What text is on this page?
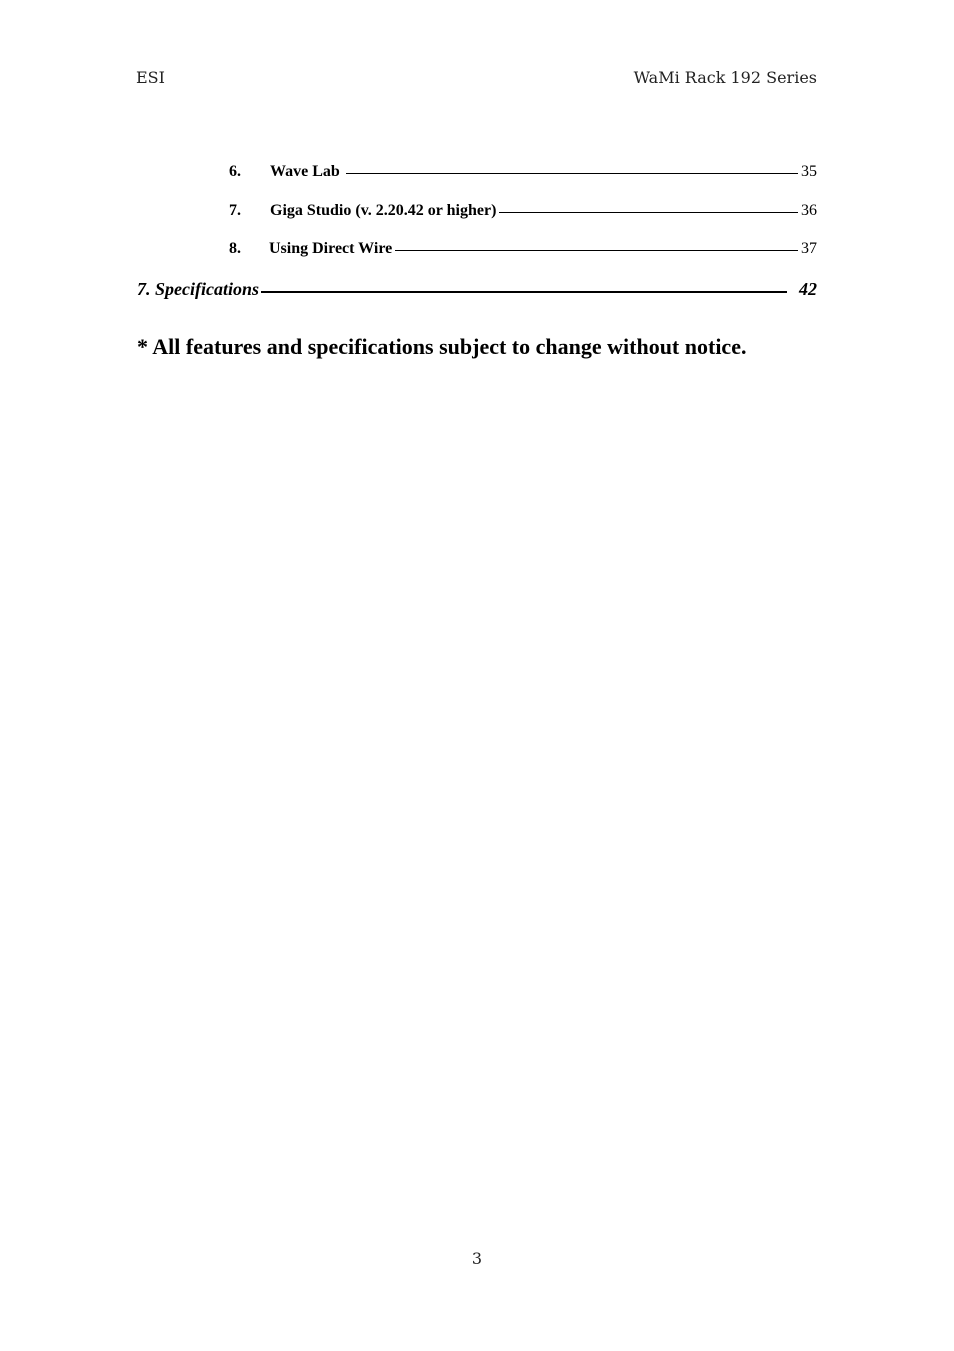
ESI	WaMi Rack 192 Series
6.	Wave Lab	35
7.	Giga Studio (v. 2.20.42 or higher)	36
8.	Using Direct Wire	37
7. Specifications	42
* All features and specifications subject to change without notice.
3
